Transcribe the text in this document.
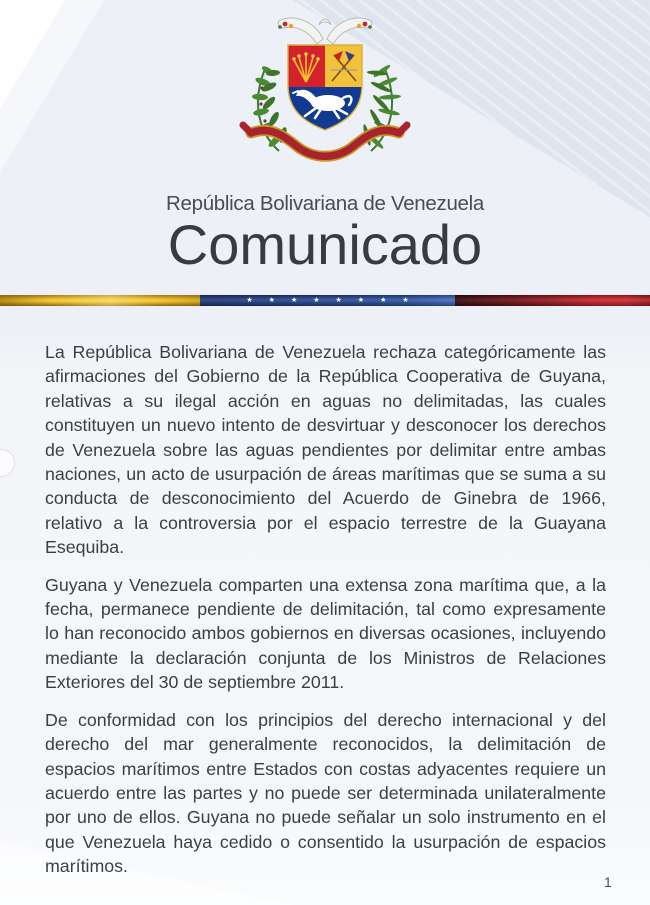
República Bolivariana de Venezuela
Comunicado
★ ★ ★ ★ ★ ★ ★ ★

La República Bolivariana de Venezuela rechaza categóricamente las afirmaciones del Gobierno de la República Cooperativa de Guyana, relativas a su ilegal acción en aguas no delimitadas, las cuales constituyen un nuevo intento de desvirtuar y desconocer los derechos de Venezuela sobre las aguas pendientes por delimitar entre ambas naciones, un acto de usurpación de áreas marítimas que se suma a su conducta de desconocimiento del Acuerdo de Ginebra de 1966, relativo a la controversia por el espacio terrestre de la Guayana Esequiba.

Guyana y Venezuela comparten una extensa zona marítima que, a la fecha, permanece pendiente de delimitación, tal como expresamente lo han reconocido ambos gobiernos en diversas ocasiones, incluyendo mediante la declaración conjunta de los Ministros de Relaciones Exteriores del 30 de septiembre 2011.

De conformidad con los principios del derecho internacional y del derecho del mar generalmente reconocidos, la delimitación de espacios marítimos entre Estados con costas adyacentes requiere un acuerdo entre las partes y no puede ser determinada unilateralmente por uno de ellos. Guyana no puede señalar un solo instrumento en el que Venezuela haya cedido o consentido la usurpación de espacios marítimos.

1
